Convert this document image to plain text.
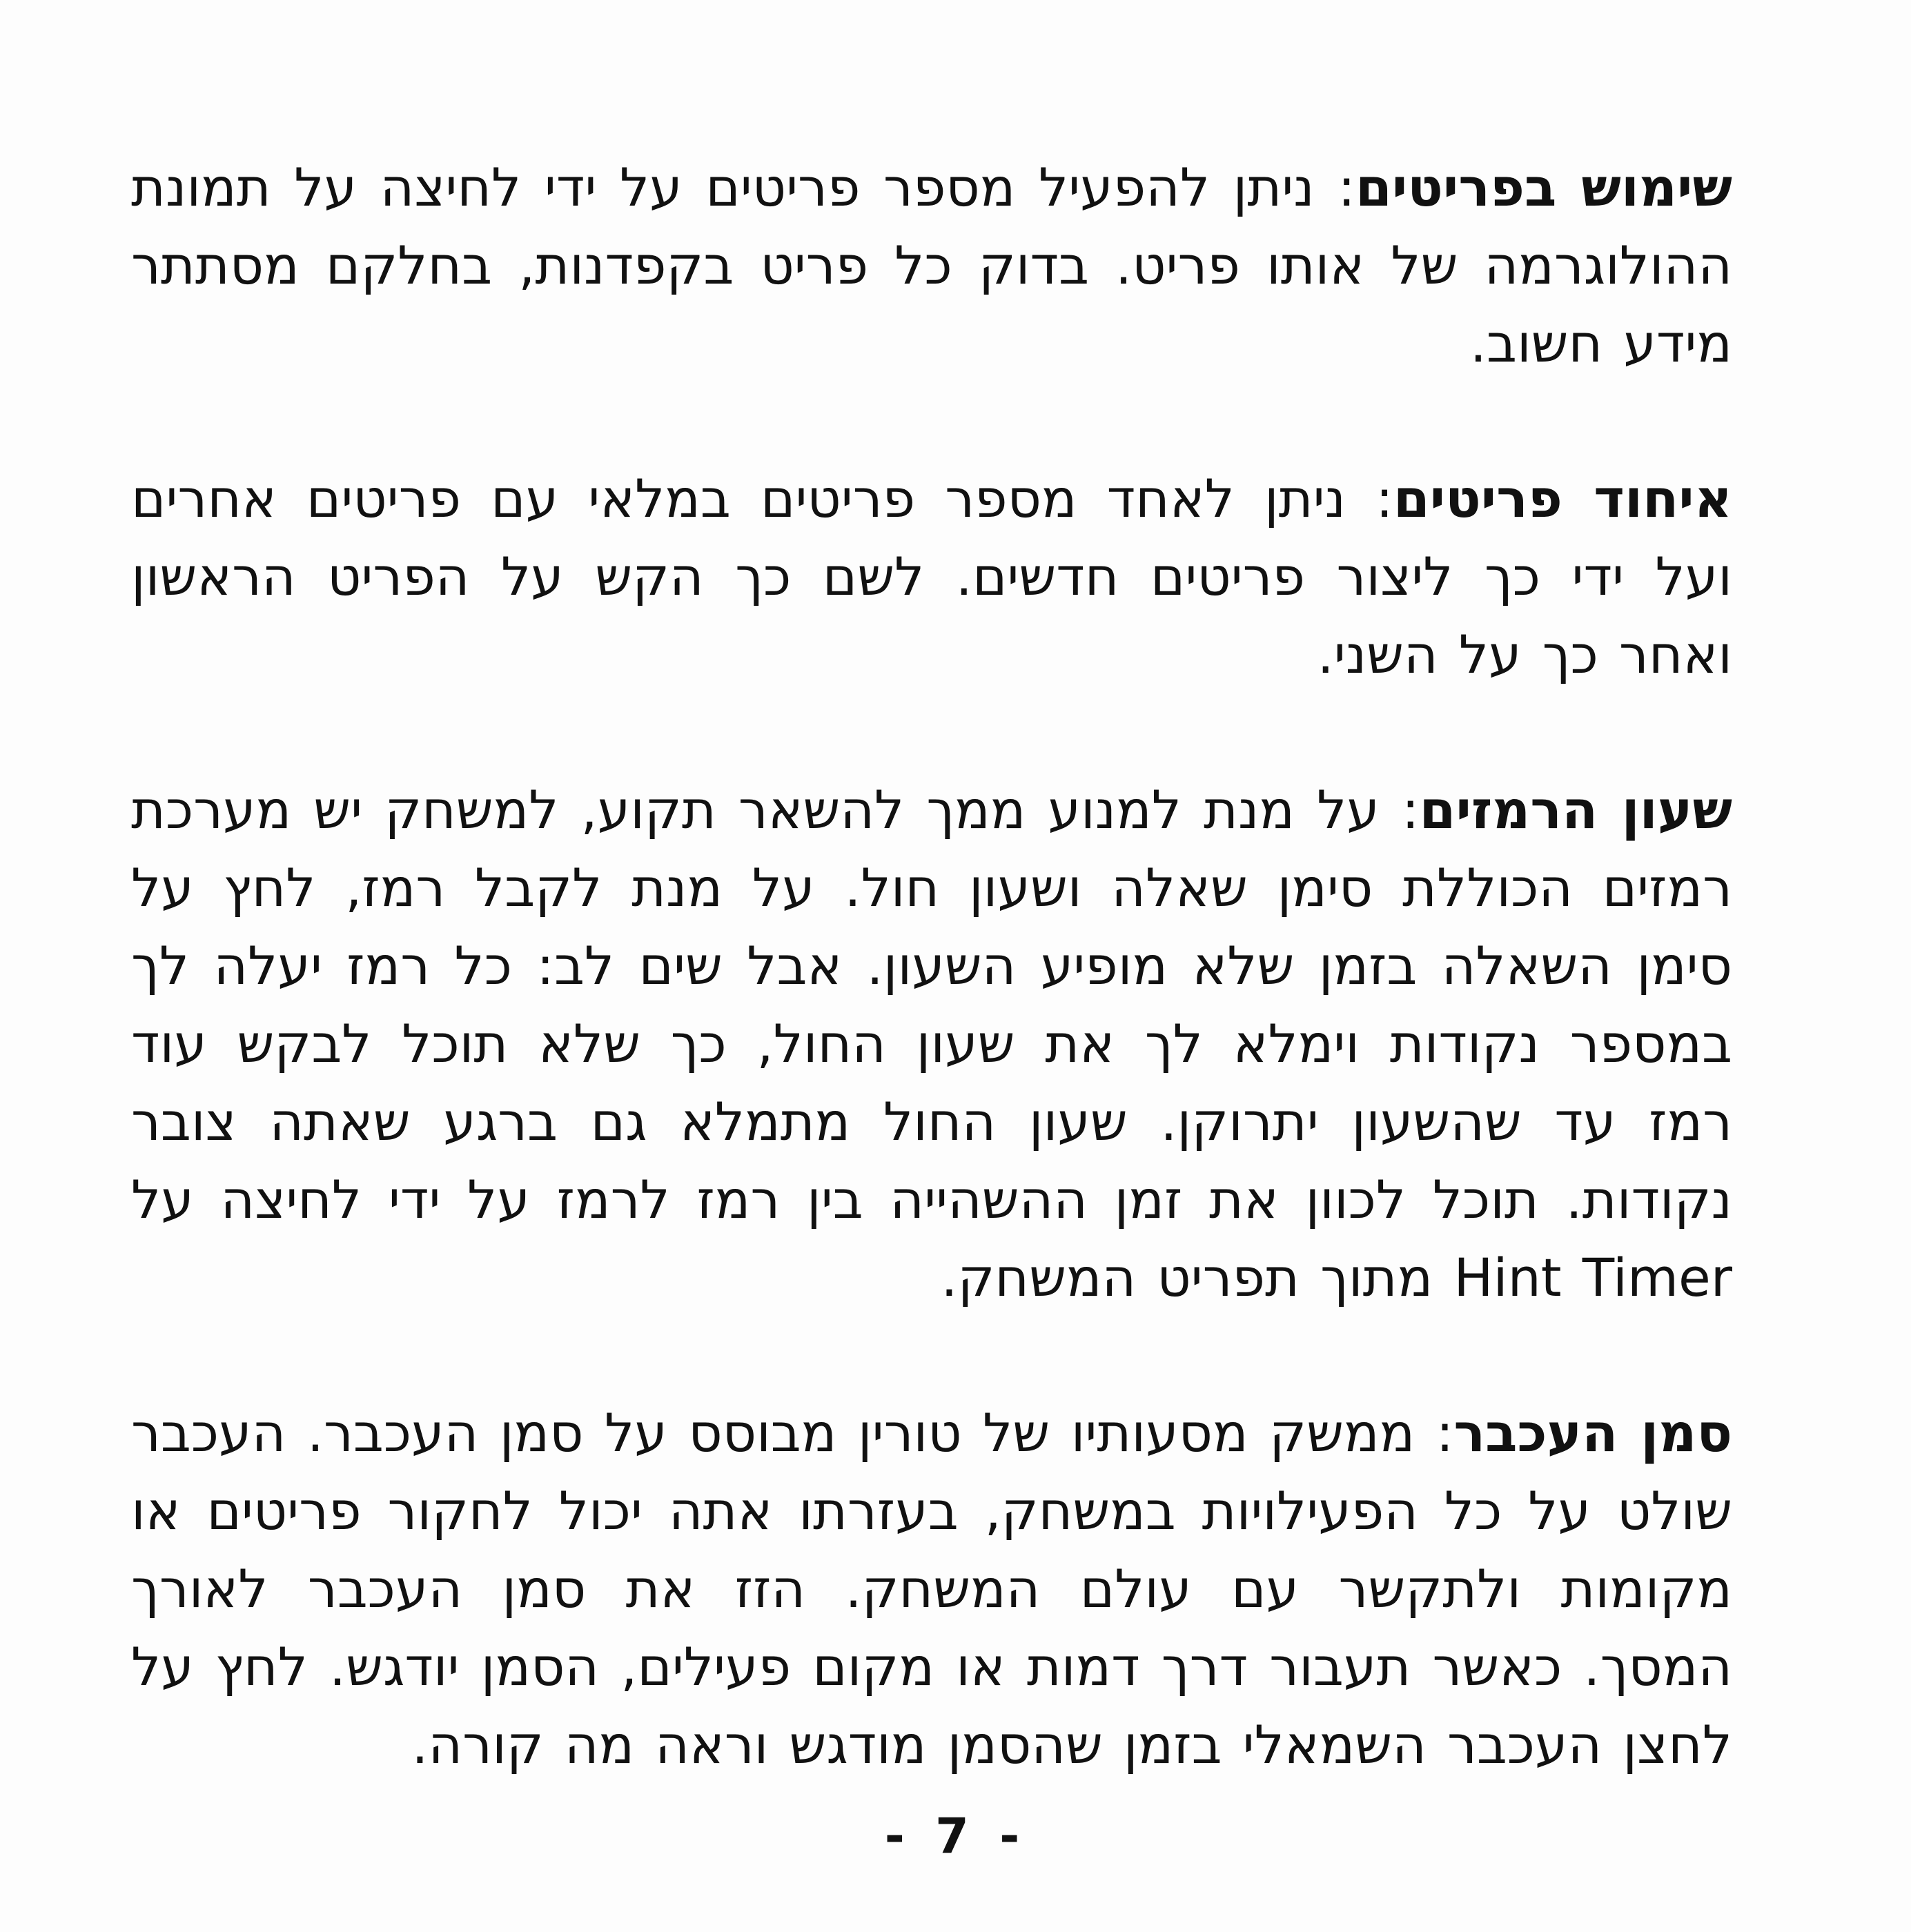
שימוש בפריטים: ניתן להפעיל מספר פריטים על ידי לחיצה על תמונת ההולוגרמה של אותו פריט. בדוק כל פריט בקפדנות, בחלקם מסתתר מידע חשוב.

איחוד פריטים: ניתן לאחד מספר פריטים במלאי עם פריטים אחרים ועל ידי כך ליצור פריטים חדשים. לשם כך הקש על הפריט הראשון ואחר כך על השני.

שעון הרמזים: על מנת למנוע ממך להשאר תקוע, למשחק יש מערכת רמזים הכוללת סימן שאלה ושעון חול. על מנת לקבל רמז, לחץ על סימן השאלה בזמן שלא מופיע השעון. אבל שים לב: כל רמז יעלה לך במספר נקודות וימלא לך את שעון החול, כך שלא תוכל לבקש עוד רמז עד שהשעון יתרוקן. שעון החול מתמלא גם ברגע שאתה צובר נקודות. תוכל לכוון את זמן ההשהייה בין רמז לרמז על ידי לחיצה על Hint Timer מתוך תפריט המשחק.

סמן העכבר: ממשק מסעותיו של טורין מבוסס על סמן העכבר. העכבר שולט על כל הפעילויות במשחק, בעזרתו אתה יכול לחקור פריטים או מקומות ולתקשר עם עולם המשחק. הזז את סמן העכבר לאורך המסך. כאשר תעבור דרך דמות או מקום פעילים, הסמן יודגש. לחץ על לחצן העכבר השמאלי בזמן שהסמן מודגש וראה מה קורה.

- 7 -
